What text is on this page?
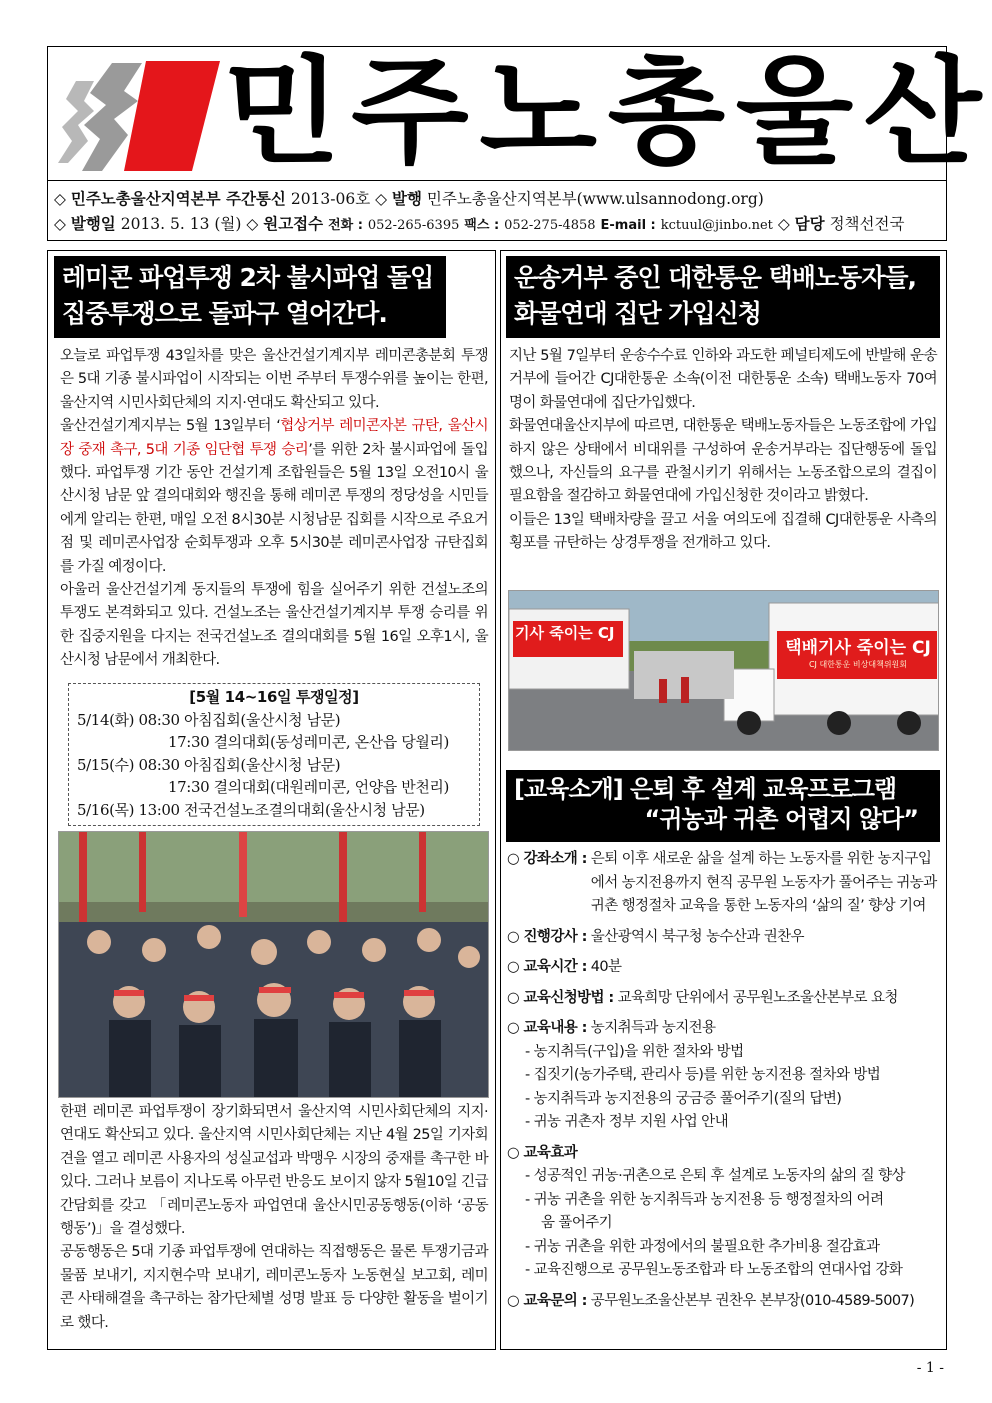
민주노총울산
◇ 민주노총울산지역본부 주간통신 2013-06호 ◇ 발행 민주노총울산지역본부(www.ulsannodong.org)
◇ 발행일 2013. 5. 13 (월) ◇ 원고접수 전화 : 052-265-6395 팩스 : 052-275-4858 E-mail : kctuul@jinbo.net ◇ 담당 정책선전국
레미콘 파업투쟁 2차 불시파업 돌입
집중투쟁으로 돌파구 열어간다.

오늘로 파업투쟁 43일차를 맞은 울산건설기계지부 레미콘총분회 투쟁은 5대 기종 불시파업이 시작되는 이번 주부터 투쟁수위를 높이는 한편, 울산지역 시민사회단체의 지지·연대도 확산되고 있다.

울산건설기계지부는 5월 13일부터 ‘협상거부 레미콘자본 규탄, 울산시장 중재 촉구, 5대 기종 임단협 투쟁 승리’를 위한 2차 불시파업에 돌입했다. 파업투쟁 기간 동안 건설기계 조합원들은 5월 13일 오전10시 울산시청 남문 앞 결의대회와 행진을 통해 레미콘 투쟁의 정당성을 시민들에게 알리는 한편, 매일 오전 8시30분 시청남문 집회를 시작으로 주요거점 및 레미콘사업장 순회투쟁과 오후 5시30분 레미콘사업장 규탄집회를 가질 예정이다.

아울러 울산건설기계 동지들의 투쟁에 힘을 실어주기 위한 건설노조의 투쟁도 본격화되고 있다. 건설노조는 울산건설기계지부 투쟁 승리를 위한 집중지원을 다지는 전국건설노조 결의대회를 5월 16일 오후1시, 울산시청 남문에서 개최한다.

[5월 14~16일 투쟁일정]
5/14(화) 08:30 아침집회(울산시청 남문)
17:30 결의대회(동성레미콘, 온산읍 당월리)
5/15(수) 08:30 아침집회(울산시청 남문)
17:30 결의대회(대원레미콘, 언양읍 반천리)
5/16(목) 13:00 전국건설노조결의대회(울산시청 남문)

한편 레미콘 파업투쟁이 장기화되면서 울산지역 시민사회단체의 지지·연대도 확산되고 있다. 울산지역 시민사회단체는 지난 4월 25일 기자회견을 열고 레미콘 사용자의 성실교섭과 박맹우 시장의 중재를 촉구한 바 있다. 그러나 보름이 지나도록 아무런 반응도 보이지 않자 5월10일 긴급간담회를 갖고 「레미콘노동자 파업연대 울산시민공동행동(이하 ‘공동행동’)」을 결성했다.

공동행동은 5대 기종 파업투쟁에 연대하는 직접행동은 물론 투쟁기금과 물품 보내기, 지지현수막 보내기, 레미콘노동자 노동현실 보고회, 레미콘 사태해결을 촉구하는 참가단체별 성명 발표 등 다양한 활동을 벌이기로 했다.

운송거부 중인 대한통운 택배노동자들,
화물연대 집단 가입신청

지난 5월 7일부터 운송수수료 인하와 과도한 페널티제도에 반발해 운송거부에 들어간 CJ대한통운 소속(이전 대한통운 소속) 택배노동자 70여명이 화물연대에 집단가입했다.

화물연대울산지부에 따르면, 대한통운 택배노동자들은 노동조합에 가입하지 않은 상태에서 비대위를 구성하여 운송거부라는 집단행동에 돌입했으나, 자신들의 요구를 관철시키기 위해서는 노동조합으로의 결집이 필요함을 절감하고 화물연대에 가입신청한 것이라고 밝혔다.

이들은 13일 택배차량을 끌고 서울 여의도에 집결해 CJ대한통운 사측의 횡포를 규탄하는 상경투쟁을 전개하고 있다.

기사 죽이는 CJ
택배기사 죽이는 CJ
CJ 대한통운 비상대책위원회
[교육소개] 은퇴 후 설계 교육프로그램
“귀농과 귀촌 어렵지 않다”
○ 강좌소개 :
은퇴 이후 새로운 삶을 설계 하는 노동자를 위한 농지구입에서 농지전용까지 현직 공무원 노동자가 풀어주는 귀농과 귀촌 행정절차 교육을 통한 노동자의 ‘삶의 질’ 향상 기여
○ 진행강사 :
울산광역시 북구청 농수산과 권찬우
○ 교육시간 :
40분
○ 교육신청방법 :
교육희망 단위에서 공무원노조울산본부로 요청
○ 교육내용 :
농지취득과 농지전용
- 농지취득(구입)을 위한 절차와 방법
- 집짓기(농가주택, 관리사 등)를 위한 농지전용 절차와 방법
- 농지취득과 농지전용의 궁금증 풀어주기(질의 답변)
- 귀농 귀촌자 정부 지원 사업 안내
○ 교육효과
- 성공적인 귀농·귀촌으로 은퇴 후 설계로 노동자의 삶의 질 향상
- 귀농 귀촌을 위한 농지취득과 농지전용 등 행정절차의 어려
움 풀어주기
- 귀농 귀촌을 위한 과정에서의 불필요한 추가비용 절감효과
- 교육진행으로 공무원노동조합과 타 노동조합의 연대사업 강화
○ 교육문의 :
공무원노조울산본부 권찬우 본부장(010-4589-5007)
- 1 -
